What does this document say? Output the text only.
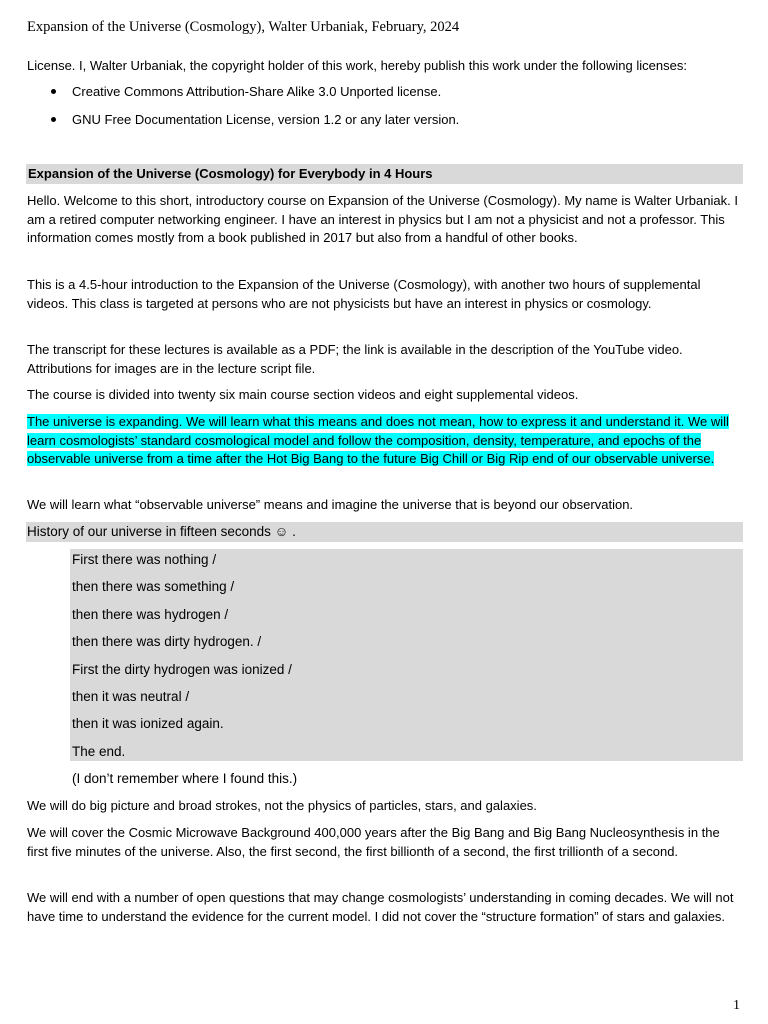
Expansion of the Universe (Cosmology), Walter Urbaniak, February, 2024
License. I, Walter Urbaniak, the copyright holder of this work, hereby publish this work under the following licenses:
Creative Commons Attribution-Share Alike 3.0 Unported license.
GNU Free Documentation License, version 1.2 or any later version.
Expansion of the Universe (Cosmology) for Everybody in 4 Hours

Hello. Welcome to this short, introductory course on Expansion of the Universe (Cosmology). My name is Walter Urbaniak. I am a retired computer networking engineer. I have an interest in physics but I am not a physicist and not a professor. This information comes mostly from a book published in 2017 but also from a handful of other books.

This is a 4.5-hour introduction to the Expansion of the Universe (Cosmology), with another two hours of supplemental videos. This class is targeted at persons who are not physicists but have an interest in physics or cosmology.

The transcript for these lectures is available as a PDF; the link is available in the description of the YouTube video. Attributions for images are in the lecture script file.

The course is divided into twenty six main course section videos and eight supplemental videos.

The universe is expanding. We will learn what this means and does not mean, how to express it and understand it. We will learn cosmologists’ standard cosmological model and follow the composition, density, temperature, and epochs of the observable universe from a time after the Hot Big Bang to the future Big Chill or Big Rip end of our observable universe.

We will learn what “observable universe” means and imagine the universe that is beyond our observation.

History of our universe in fifteen seconds ☺ .
First there was nothing /
then there was something /
then there was hydrogen /
then there was dirty hydrogen. /
First the dirty hydrogen was ionized /
then it was neutral /
then it was ionized again.
The end.
(I don’t remember where I found this.)

We will do big picture and broad strokes, not the physics of particles, stars, and galaxies.

We will cover the Cosmic Microwave Background 400,000 years after the Big Bang and Big Bang Nucleosynthesis in the first five minutes of the universe. Also, the first second, the first billionth of a second, the first trillionth of a second.

We will end with a number of open questions that may change cosmologists’ understanding in coming decades. We will not have time to understand the evidence for the current model. I did not cover the “structure formation” of stars and galaxies.

1
